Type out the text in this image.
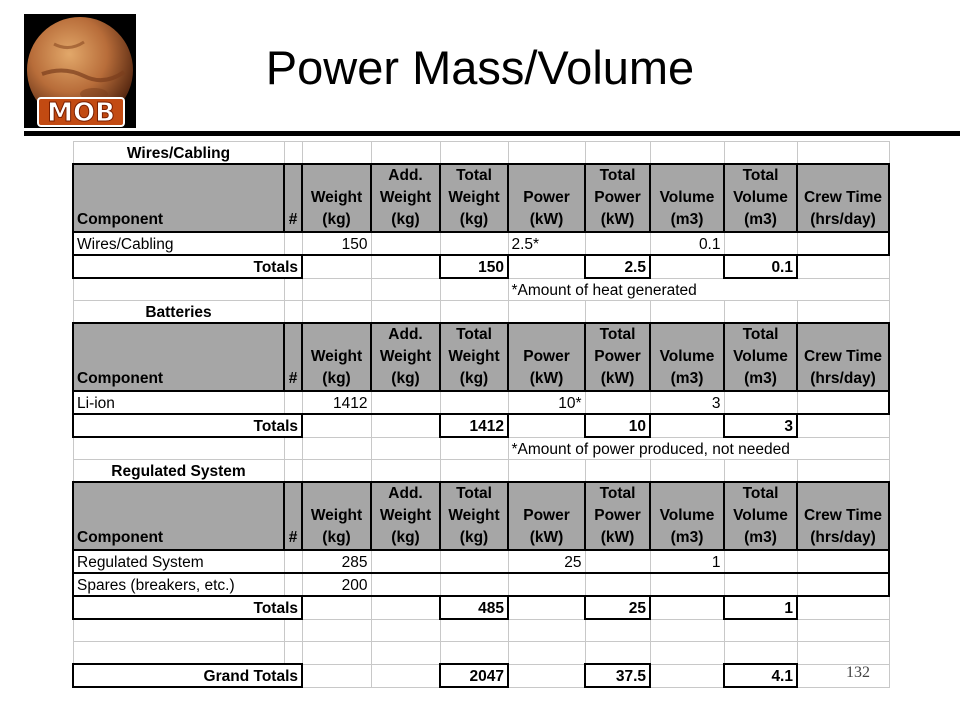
MOB
Power Mass/Volume
Wires/Cabling									
Component	#	Weight (kg)	Add. Weight (kg)	Total Weight (kg)	Power (kW)	Total Power (kW)	Volume (m3)	Total Volume (m3)	Crew Time (hrs/day)
Wires/Cabling		150			2.5*		0.1		
Totals				150		2.5		0.1	
					*Amount of heat generated				
Batteries									
Component	#	Weight (kg)	Add. Weight (kg)	Total Weight (kg)	Power (kW)	Total Power (kW)	Volume (m3)	Total Volume (m3)	Crew Time (hrs/day)
Li-ion		1412			10*		3		
Totals				1412		10		3	
					*Amount of power produced, not needed				
Regulated System									
Component	#	Weight (kg)	Add. Weight (kg)	Total Weight (kg)	Power (kW)	Total Power (kW)	Volume (m3)	Total Volume (m3)	Crew Time (hrs/day)
Regulated System		285			25		1		
Spares (breakers, etc.)		200							
Totals				485		25		1	

Grand Totals				2047		37.5		4.1		132
